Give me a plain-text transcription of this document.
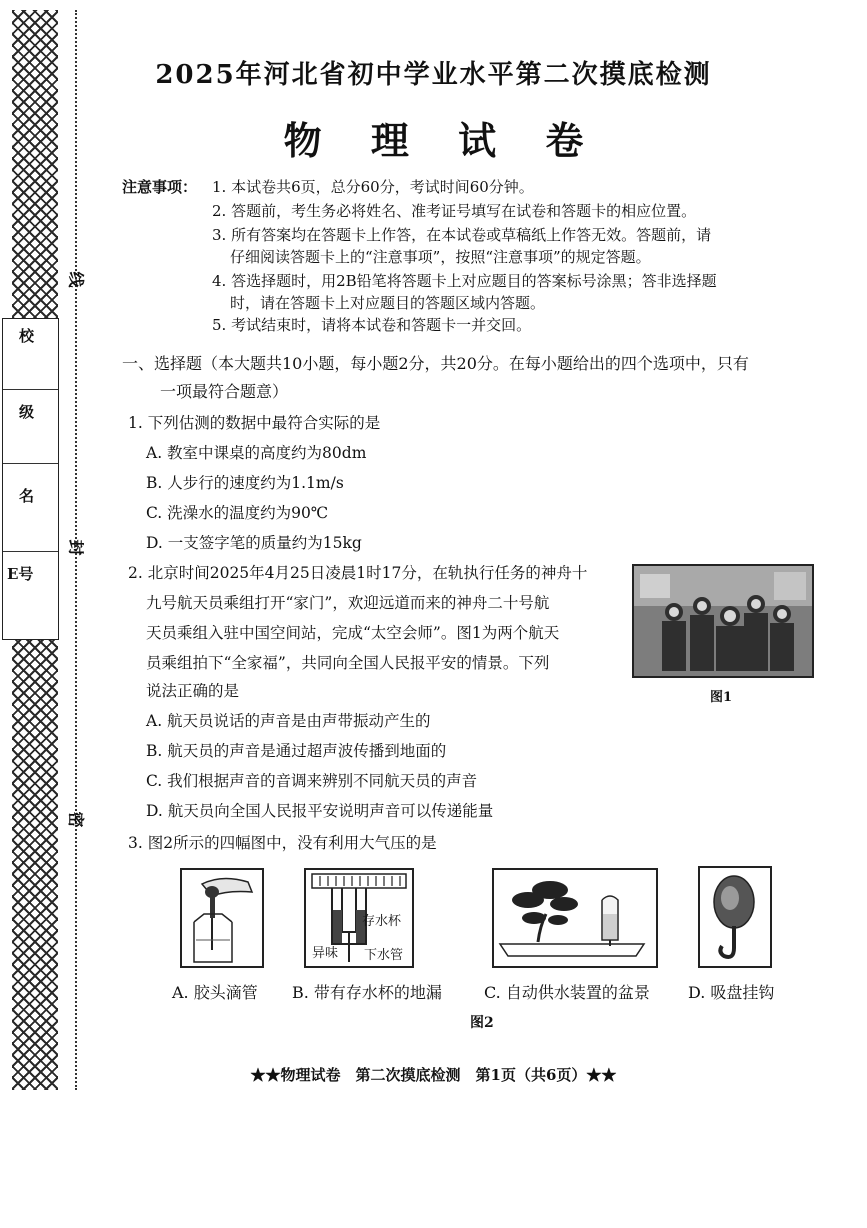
校
级
名
E号
线
封
密
2025年河北省初中学业水平第二次摸底检测
物 理 试 卷
注意事项： 1. 本试卷共6页，总分60分，考试时间60分钟。
2. 答题前，考生务必将姓名、准考证号填写在试卷和答题卡的相应位置。
3. 所有答案均在答题卡上作答，在本试卷或草稿纸上作答无效。答题前，请
仔细阅读答题卡上的“注意事项”，按照“注意事项”的规定答题。
4. 答选择题时，用2B铅笔将答题卡上对应题目的答案标号涂黑；答非选择题
时，请在答题卡上对应题目的答题区域内答题。
5. 考试结束时，请将本试卷和答题卡一并交回。
一、选择题（本大题共10小题，每小题2分，共20分。在每小题给出的四个选项中，只有
一项最符合题意）
1. 下列估测的数据中最符合实际的是
A. 教室中课桌的高度约为80dm
B. 人步行的速度约为1.1m/s
C. 洗澡水的温度约为90℃
D. 一支签字笔的质量约为15kg
2. 北京时间2025年4月25日凌晨1时17分，在轨执行任务的神舟十
九号航天员乘组打开“家门”，欢迎远道而来的神舟二十号航
天员乘组入驻中国空间站，完成“太空会师”。图1为两个航天
员乘组拍下“全家福”，共同向全国人民报平安的情景。下列
说法正确的是	图1
A. 航天员说话的声音是由声带振动产生的
B. 航天员的声音是通过超声波传播到地面的
C. 我们根据声音的音调来辨别不同航天员的声音
D. 航天员向全国人民报平安说明声音可以传递能量
3. 图2所示的四幅图中，没有利用大气压的是
存水杯
异味 下水管
A. 胶头滴管 B. 带有存水杯的地漏	C. 自动供水装置的盆景 D. 吸盘挂钩
图2
★★物理试卷　第二次摸底检测　第1页（共6页）★★
